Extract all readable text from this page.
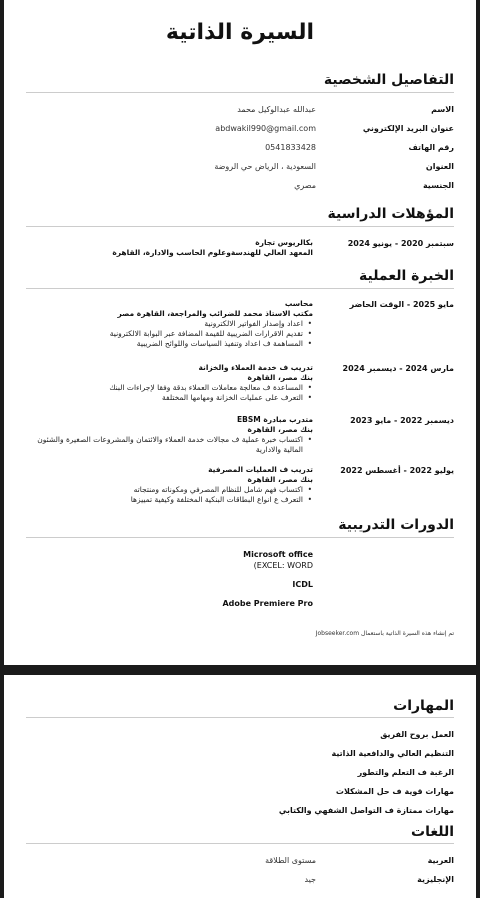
السيرة الذاتية
التفاصيل الشخصية
الاسم
عبدالله عبدالوكيل محمد
عنوان البريد الإلكتروني
abdwakil990@gmail.com
رقم الهاتف
0541833428
العنوان
السعودية ، الرياض حي الروضة
الجنسية
مصري
المؤهلات الدراسية
سبتمبر 2020 - يونيو 2024
بكالريوس تجارة
المعهد العالي للهندسةوعلوم الحاسب والادارة، القاهرة
الخبرة العملية
مايو 2025 - الوقت الحاضر
محاسب
مكتب الاستاذ محمد للضرائب والمراجعة، القاهرة مصر
• اعداد وإصدار الفواتير الالكترونية
• تقديم الاقرارات الضريبية للقيمة المضافة عبر البوابة الالكترونية
• المساهمة ف اعداد وتنفيذ السياسات واللوائح الضريبية
مارس 2024 - ديسمبر 2024
تدريب ف خدمة العملاء والخزانة
بنك مصر، القاهرة
• المساعدة ف معالجة معاملات العملاء بدقة وفقا لإجراءات البنك
• التعرف على عمليات الخزانة ومهامها المختلفة
ديسمبر 2022 - مايو 2023
متدرب مبادرة EBSM
بنك مصر، القاهرة
• اكتساب خبرة عملية ف مجالات خدمة العملاء والائتمان والمشروعات الصغيرة والشئون المالية والادارية
يوليو 2022 - أغسطس 2022
تدريب ف العمليات المصرفية
بنك مصر، القاهرة
• اكتساب فهم شامل للنظام المصرفي ومكوناته ومنتجاته
• التعرف ع انواع البطاقات البنكية المختلفة وكيفية تمييزها
الدورات التدريبية
Microsoft office
(EXCEL: WORD
ICDL
Adobe Premiere Pro
تم إنشاء هذه السيرة الذاتية باستعمال Jobseeker.com
المهارات
العمل بروح الفريق
التنظيم العالي والدافعية الذاتية
الرغبة ف التعلم والتطور
مهارات قوية ف حل المشكلات
مهارات ممتازة ف التواصل الشفهي والكتابي
اللغات
العربية
مستوى الطلاقة
الإنجليزية
جيد
